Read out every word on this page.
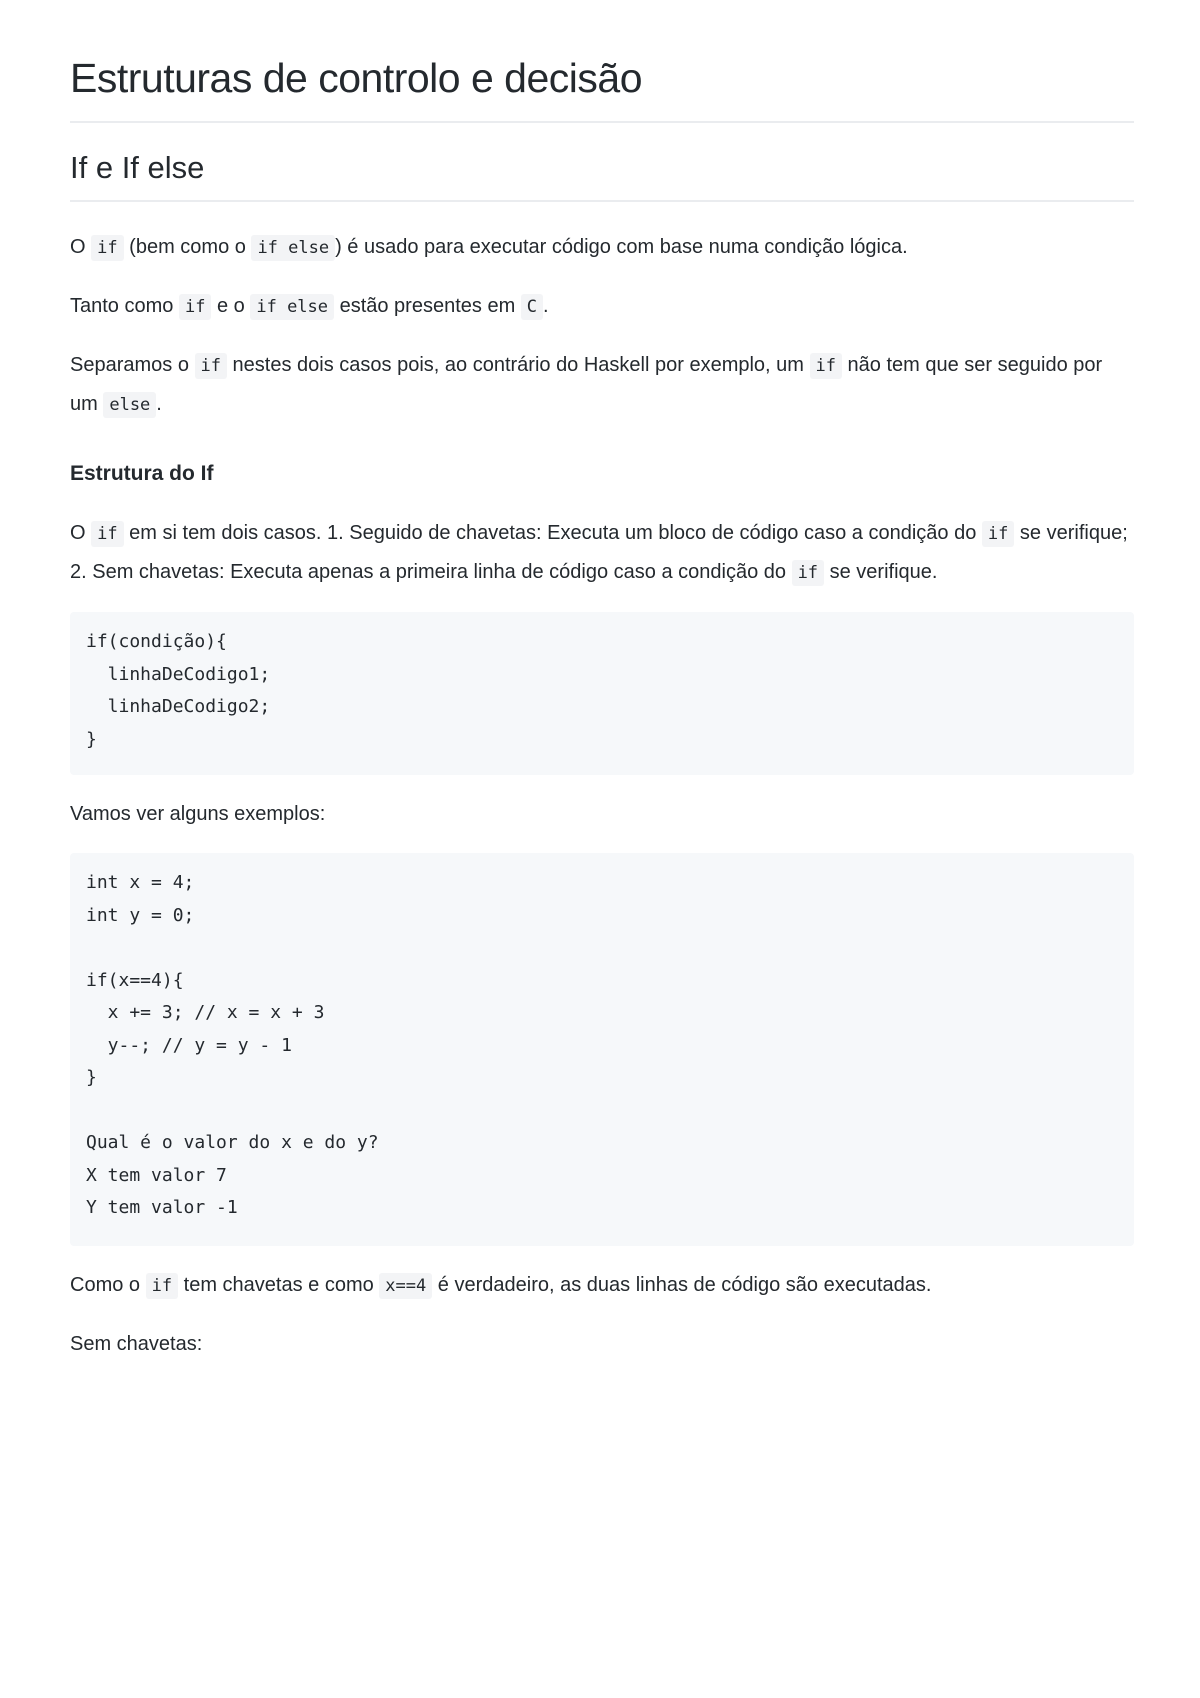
Estruturas de controlo e decisão
If e If else

O if (bem como o if else ) é usado para executar código com base numa condição lógica.

Tanto como if e o if else estão presentes em C .

Separamos o if nestes dois casos pois, ao contrário do Haskell por exemplo, um if não tem que ser seguido por um else .

Estrutura do If

O if em si tem dois casos. 1. Seguido de chavetas: Executa um bloco de código caso a condição do if se verifique; 2. Sem chavetas: Executa apenas a primeira linha de código caso a condição do if se verifique.

if(condição){
linhaDeCodigo1;
linhaDeCodigo2;
}

Vamos ver alguns exemplos:

int x = 4;
int y = 0;

if(x==4){
x += 3; // x = x + 3
y--; // y = y - 1
}

Qual é o valor do x e do y?
X tem valor 7
Y tem valor -1

Como o if tem chavetas e como x==4 é verdadeiro, as duas linhas de código são executadas.

Sem chavetas:
